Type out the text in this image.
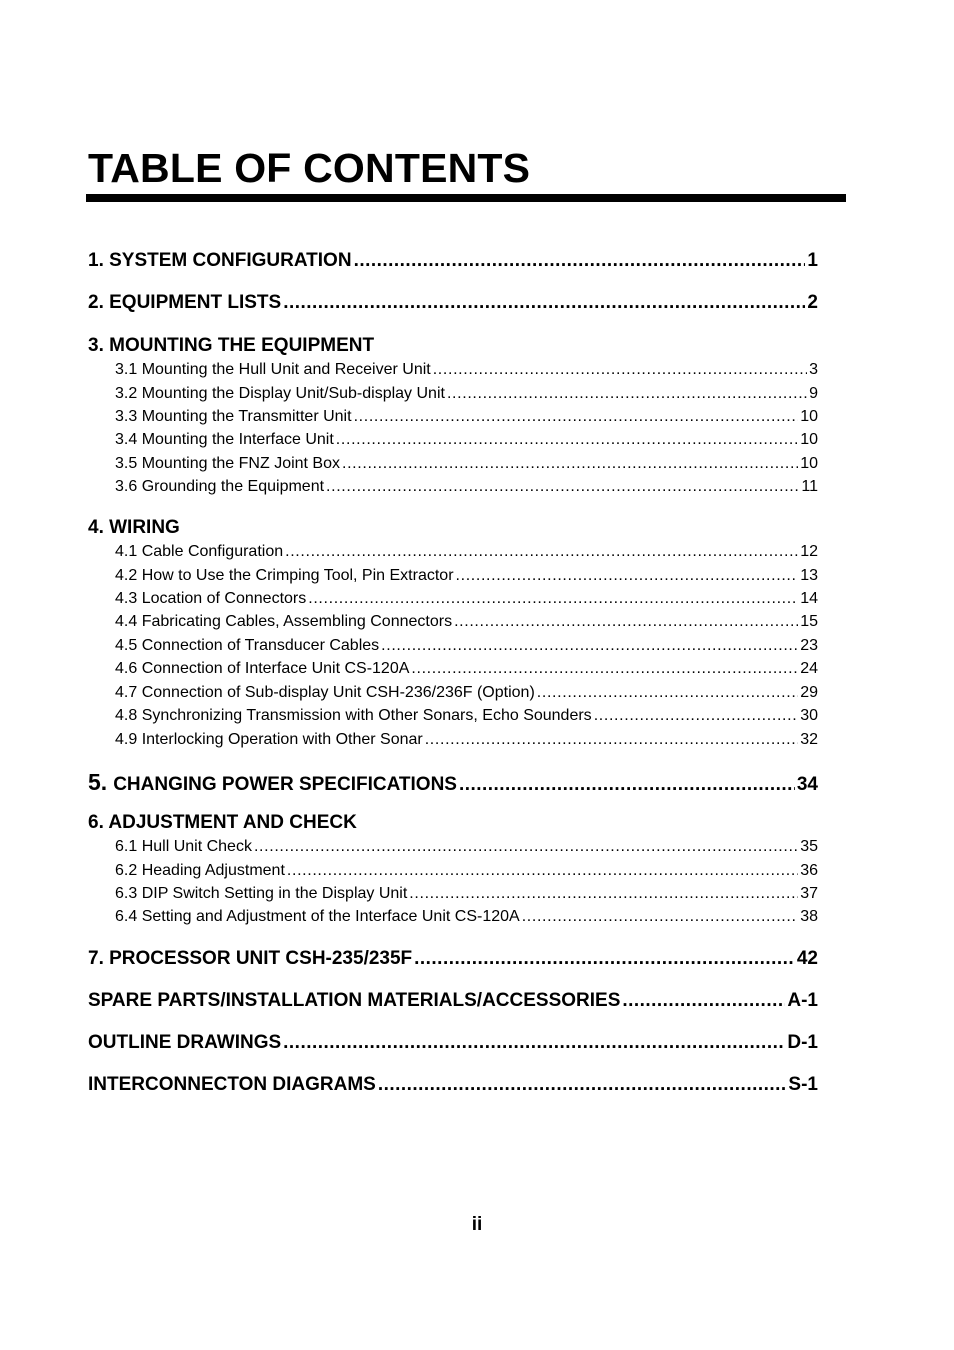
TABLE OF CONTENTS
1. SYSTEM CONFIGURATION . . .	1
2. EQUIPMENT LISTS . . .	2
3. MOUNTING THE EQUIPMENT
3.1 Mounting the Hull Unit and Receiver Unit . . .	3
3.2 Mounting the Display Unit/Sub-display Unit . . .	9
3.3 Mounting the Transmitter Unit . . .	10
3.4 Mounting the Interface Unit . . .	10
3.5 Mounting the FNZ Joint Box . . .	10
3.6 Grounding the Equipment . . .	11
4. WIRING
4.1 Cable Configuration . . .	12
4.2 How to Use the Crimping Tool, Pin Extractor . . .	13
4.3 Location of Connectors . . .	14
4.4 Fabricating Cables, Assembling Connectors . . .	15
4.5 Connection of Transducer Cables . . .	23
4.6 Connection of Interface Unit CS-120A . . .	24
4.7 Connection of Sub-display Unit CSH-236/236F (Option) . . .	29
4.8 Synchronizing Transmission with Other Sonars, Echo Sounders . . .	30
4.9 Interlocking Operation with Other Sonar . . .	32
5. CHANGING POWER SPECIFICATIONS . . .	34
6. ADJUSTMENT AND CHECK
6.1 Hull Unit Check . . .	35
6.2 Heading Adjustment . . .	36
6.3 DIP Switch Setting in the Display Unit . . .	37
6.4 Setting and Adjustment of the Interface Unit CS-120A . . .	38
7. PROCESSOR UNIT CSH-235/235F . . .	42
SPARE PARTS/INSTALLATION MATERIALS/ACCESSORIES . . .	A-1
OUTLINE DRAWINGS . . .	D-1
INTERCONNECTON DIAGRAMS . . .	S-1
ii
